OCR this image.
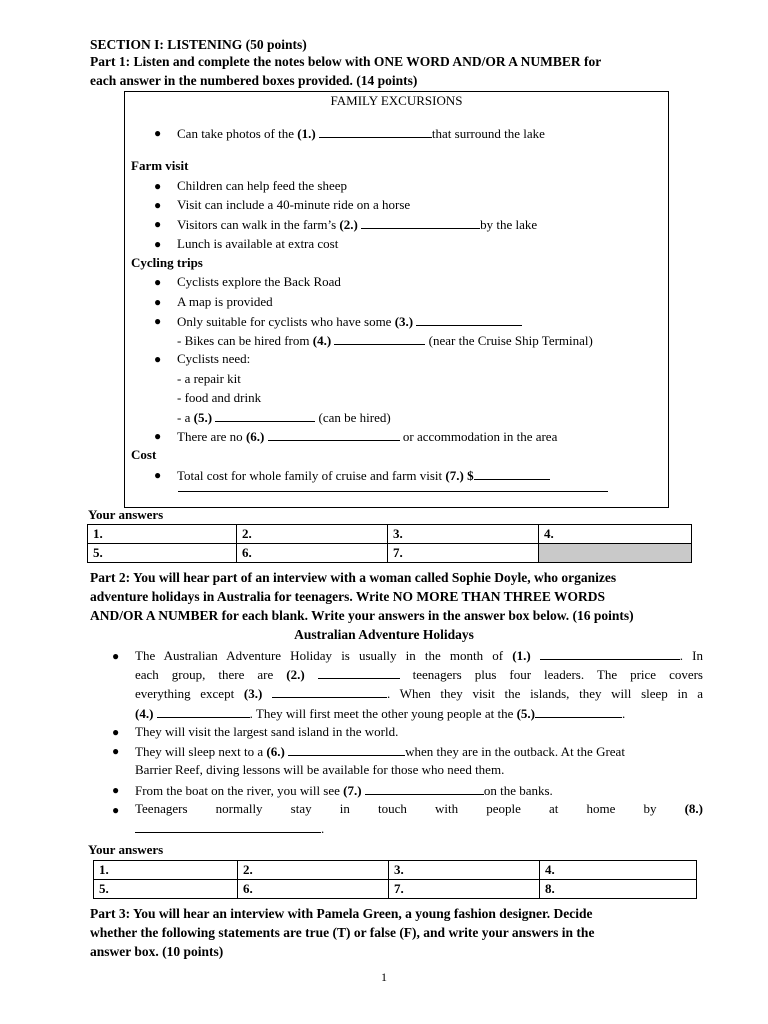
SECTION I: LISTENING (50 points)
Part 1: Listen and complete the notes below with ONE WORD AND/OR A NUMBER for
each answer in the numbered boxes provided. (14 points)
FAMILY EXCURSIONS
● Can take photos of the (1.)	that surround the lake
Farm visit
● Children can help feed the sheep
● Visit can include a 40-minute ride on a horse
● Visitors can walk in the farm’s (2.)	by the lake
● Lunch is available at extra cost
Cycling trips
● Cyclists explore the Back Road
● A map is provided
● Only suitable for cyclists who have some (3.)
- Bikes can be hired from (4.)	(near the Cruise Ship Terminal)
● Cyclists need:
- a repair kit
- food and drink
- a (5.)	(can be hired)
● There are no (6.)	or accommodation in the area
Cost
● Total cost for whole family of cruise and farm visit (7.) $
Your answers
1.	2.	3.	4.
5.	6.	7.	
Part 2: You will hear part of an interview with a woman called Sophie Doyle, who organizes
adventure holidays in Australia for teenagers. Write NO MORE THAN THREE WORDS
AND/OR A NUMBER for each blank. Write your answers in the answer box below. (16 points)
Australian Adventure Holidays
● The Australian Adventure Holiday is usually in the month of (1.)	. In
each group, there are (2.)	teenagers plus four leaders. The price covers
everything except (3.)	. When they visit the islands, they will sleep in a
(4.)	. They will first meet the other young people at the (5.)	.
● They will visit the largest sand island in the world.
● They will sleep next to a (6.)	when they are in the outback. At the Great
Barrier Reef, diving lessons will be available for those who need them.
● From the boat on the river, you will see (7.)	on the banks.
● Teenagers normally stay in touch with people at home by (8.)
.
Your answers
1.	2.	3.	4.
5.	6.	7.	8.
Part 3: You will hear an interview with Pamela Green, a young fashion designer. Decide
whether the following statements are true (T) or false (F), and write your answers in the
answer box. (10 points)
1
